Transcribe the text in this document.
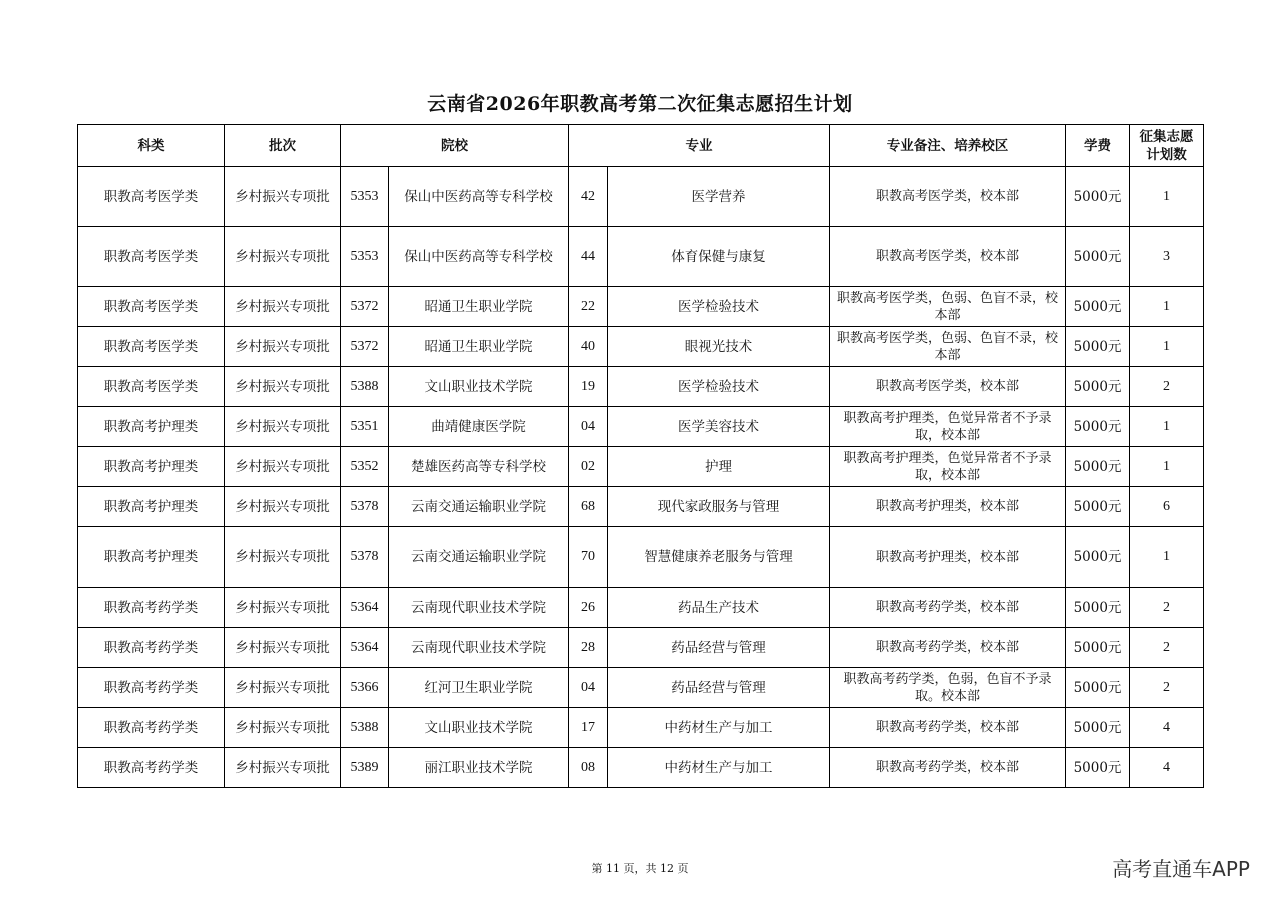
云南省2026年职教高考第二次征集志愿招生计划
科类	批次	院校		专业		专业备注、培养校区	学费	征集志愿计划数
职教高考医学类	乡村振兴专项批	5353	保山中医药高等专科学校	42	医学营养	职教高考医学类，校本部	5000元	1
职教高考医学类	乡村振兴专项批	5353	保山中医药高等专科学校	44	体育保健与康复	职教高考医学类，校本部	5000元	3
职教高考医学类	乡村振兴专项批	5372	昭通卫生职业学院	22	医学检验技术	职教高考医学类，色弱、色盲不录，校本部	5000元	1
职教高考医学类	乡村振兴专项批	5372	昭通卫生职业学院	40	眼视光技术	职教高考医学类，色弱、色盲不录，校本部	5000元	1
职教高考医学类	乡村振兴专项批	5388	文山职业技术学院	19	医学检验技术	职教高考医学类，校本部	5000元	2
职教高考护理类	乡村振兴专项批	5351	曲靖健康医学院	04	医学美容技术	职教高考护理类，色觉异常者不予录取，校本部	5000元	1
职教高考护理类	乡村振兴专项批	5352	楚雄医药高等专科学校	02	护理	职教高考护理类，色觉异常者不予录取，校本部	5000元	1
职教高考护理类	乡村振兴专项批	5378	云南交通运输职业学院	68	现代家政服务与管理	职教高考护理类，校本部	5000元	6
职教高考护理类	乡村振兴专项批	5378	云南交通运输职业学院	70	智慧健康养老服务与管理	职教高考护理类，校本部	5000元	1
职教高考药学类	乡村振兴专项批	5364	云南现代职业技术学院	26	药品生产技术	职教高考药学类，校本部	5000元	2
职教高考药学类	乡村振兴专项批	5364	云南现代职业技术学院	28	药品经营与管理	职教高考药学类，校本部	5000元	2
职教高考药学类	乡村振兴专项批	5366	红河卫生职业学院	04	药品经营与管理	职教高考药学类，色弱，色盲不予录取。校本部	5000元	2
职教高考药学类	乡村振兴专项批	5388	文山职业技术学院	17	中药材生产与加工	职教高考药学类，校本部	5000元	4
职教高考药学类	乡村振兴专项批	5389	丽江职业技术学院	08	中药材生产与加工	职教高考药学类，校本部	5000元	4
第 11 页，共 12 页	高考直通车APP
